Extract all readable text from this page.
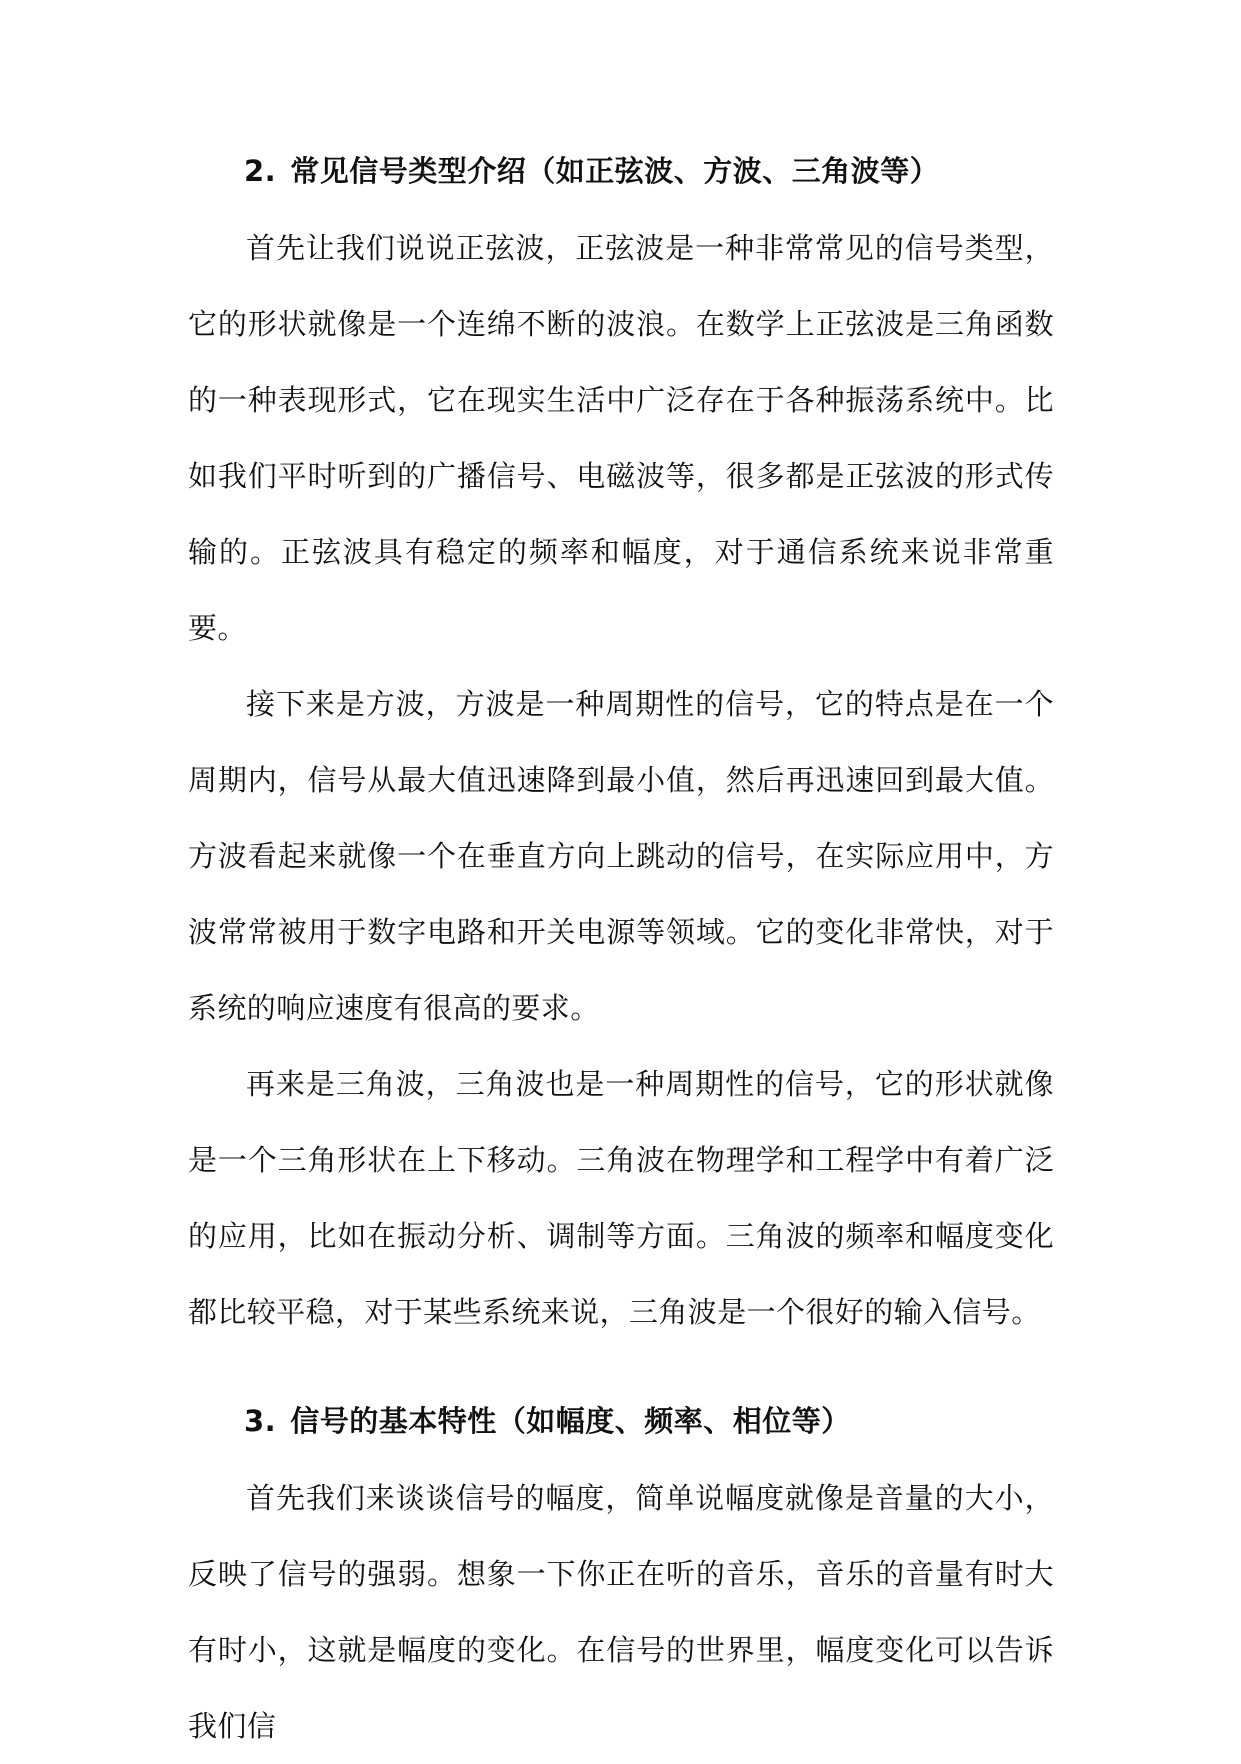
2. 常见信号类型介绍（如正弦波、方波、三角波等）

首先让我们说说正弦波，正弦波是一种非常常见的信号类型，它的形状就像是一个连绵不断的波浪。在数学上正弦波是三角函数的一种表现形式，它在现实生活中广泛存在于各种振荡系统中。比如我们平时听到的广播信号、电磁波等，很多都是正弦波的形式传输的。正弦波具有稳定的频率和幅度，对于通信系统来说非常重要。

接下来是方波，方波是一种周期性的信号，它的特点是在一个周期内，信号从最大值迅速降到最小值，然后再迅速回到最大值。方波看起来就像一个在垂直方向上跳动的信号，在实际应用中，方波常常被用于数字电路和开关电源等领域。它的变化非常快，对于系统的响应速度有很高的要求。

再来是三角波，三角波也是一种周期性的信号，它的形状就像是一个三角形状在上下移动。三角波在物理学和工程学中有着广泛的应用，比如在振动分析、调制等方面。三角波的频率和幅度变化都比较平稳，对于某些系统来说，三角波是一个很好的输入信号。

3. 信号的基本特性（如幅度、频率、相位等）

首先我们来谈谈信号的幅度，简单说幅度就像是音量的大小，反映了信号的强弱。想象一下你正在听的音乐，音乐的音量有时大有时小，这就是幅度的变化。在信号的世界里，幅度变化可以告诉我们信
